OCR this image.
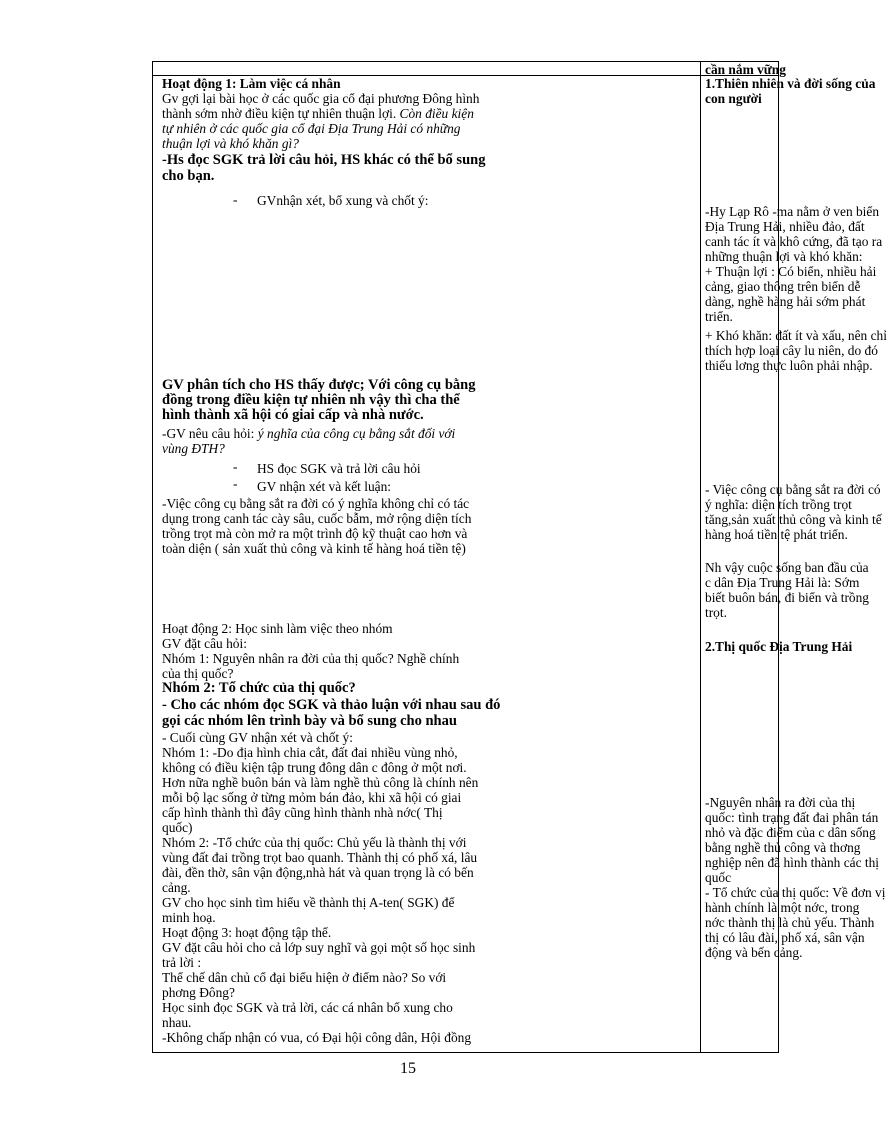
cần nắm vững
Hoạt động 1: Làm việc cá nhân
Gv gợi lại bài học ở các quốc gia cổ đại phương Đông hình
thành sớm nhờ điều kiện tự nhiên thuận lợi. Còn điều kiện
tự nhiên ở các quốc gia cổ đại Địa Trung Hải có những
thuận lợi và khó khăn gì?
-Hs đọc SGK trả lời câu hỏi, HS khác có thể bổ sung
cho bạn.
- GVnhận xét, bổ xung và chốt ý:
GV phân tích cho HS thấy được; Với công cụ bằng
đồng trong điều kiện tự nhiên nh vậy thì cha thể
hình thành xã hội có giai cấp và nhà nước.
-GV nêu câu hỏi: ý nghĩa của công cụ bằng sắt đối với
vùng ĐTH?
- HS đọc SGK và trả lời câu hỏi
- GV nhận xét và kết luận:
-Việc công cụ bằng sắt ra đời có ý nghĩa không chỉ có tác
dụng trong canh tác cày sâu, cuốc bẫm, mở rộng diện tích
trồng trọt mà còn mở ra một trình độ kỹ thuật cao hơn và
toàn diện ( sản xuất thủ công và kinh tế hàng hoá tiền tệ)
Hoạt động 2: Học sinh làm việc theo nhóm
GV đặt câu hỏi:
Nhóm 1: Nguyên nhân ra đời của thị quốc? Nghề chính
của thị quốc?
Nhóm 2: Tổ chức của thị quốc?
- Cho các nhóm đọc SGK và thảo luận với nhau sau đó
gọi các nhóm lên trình bày và bổ sung cho nhau
- Cuối cùng GV nhận xét và chốt ý:
Nhóm 1: -Do địa hình chia cắt, đất đai nhiều vùng nhỏ,
không có điều kiện tập trung đông dân c đông ở một nơi.
Hơn nữa nghề buôn bán và làm nghề thủ công là chính nên
mỗi bộ lạc sống ở từng mỏm bán đảo, khi xã hội có giai
cấp hình thành thì đây cũng hình thành nhà nớc( Thị
quốc)
Nhóm 2: -Tổ chức của thị quốc: Chủ yếu là thành thị với
vùng đất đai trồng trọt bao quanh. Thành thị có phố xá, lâu
đài, đền thờ, sân vận động,nhà hát và quan trọng là có bến
cảng.
GV cho học sinh tìm hiểu về thành thị A-ten( SGK) để
minh hoạ.
Hoạt động 3: hoạt động tập thể.
GV đặt câu hỏi cho cả lớp suy nghĩ và gọi một số học sinh
trả lời :
Thể chế dân chủ cổ đại biểu hiện ở điểm nào? So với
phơng Đông?
Học sinh đọc SGK và trả lời, các cá nhân bổ xung cho
nhau.
-Không chấp nhận có vua, có Đại hội công dân, Hội đồng
1.Thiên nhiên và đời sống của
con người
-Hy Lạp Rô -ma nằm ở ven biển
Địa Trung Hải, nhiều đảo, đất
canh tác ít và khô cứng, đã tạo ra
những thuận lợi và khó khăn:
+ Thuận lợi : Có biển, nhiều hải
cảng, giao thông trên biển dễ
dàng, nghề hàng hải sớm phát
triển.
+ Khó khăn: đất ít và xấu, nên chỉ
thích hợp loại cây lu niên, do đó
thiếu lơng thực luôn phải nhập.
- Việc công cụ bằng sắt ra đời có
ý nghĩa: diện tích trồng trọt
tăng,sản xuất thủ công và kinh tế
hàng hoá tiền tệ phát triển.
Nh vậy cuộc sống ban đầu của
c dân Địa Trung Hải là: Sớm
biết buôn bán, đi biển và trồng
trọt.
2.Thị quốc Địa Trung Hải
-Nguyên nhân ra đời của thị
quốc: tình trạng đất đai phân tán
nhỏ và đặc điểm của c dân sống
bằng nghề thủ công và thơng
nghiệp nên đã hình thành các thị
quốc
- Tổ chức của thị quốc: Về đơn vị
hành chính là một nớc, trong
nớc thành thị là chủ yếu. Thành
thị có lâu đài, phố xá, sân vận
động và bến cảng.
15
